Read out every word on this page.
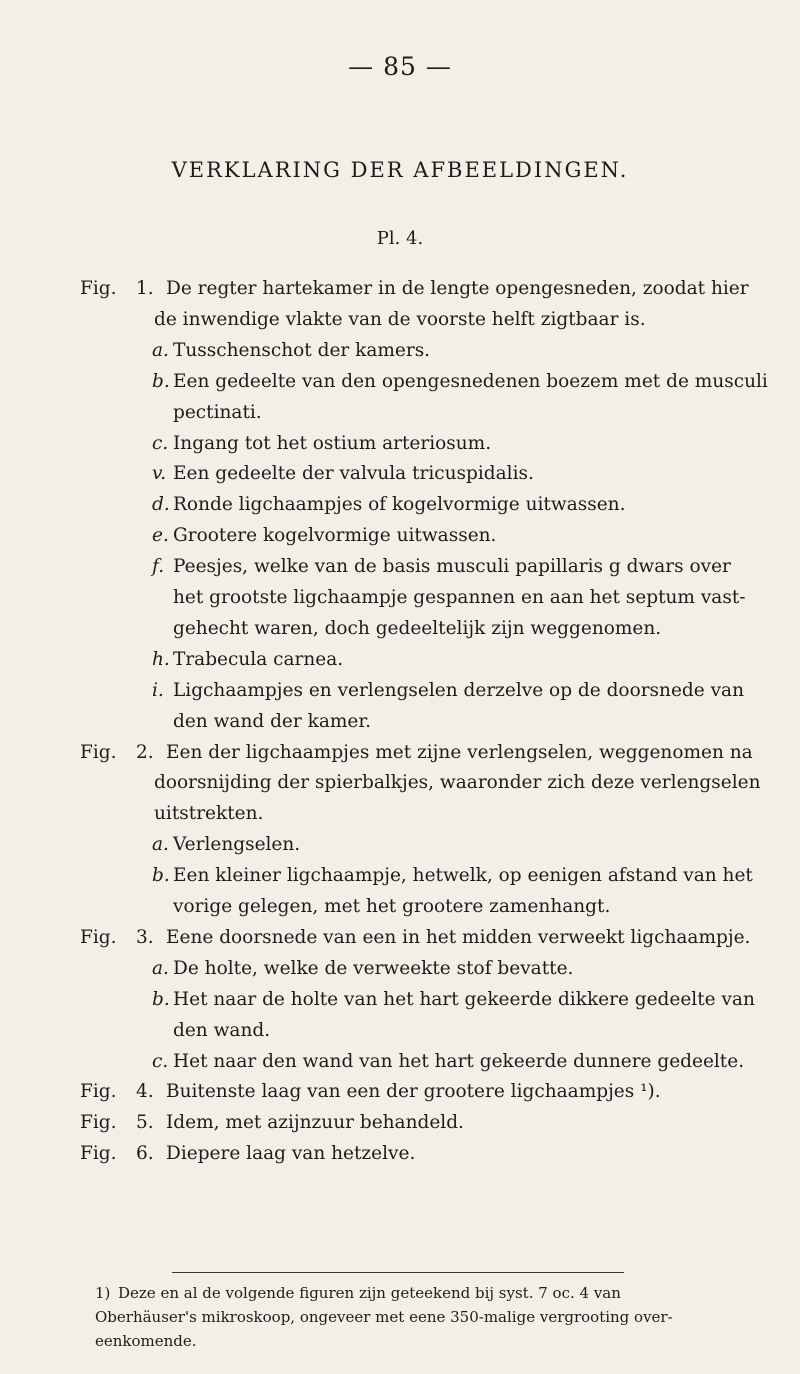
— 85 —
VERKLARING DER AFBEELDINGEN.
Pl. 4.
Fig. 1. De regter hartekamer in de lengte opengesneden, zoodat hier
de inwendige vlakte van de voorste helft zigtbaar is.
a. Tusschenschot der kamers.
b. Een gedeelte van den opengesnedenen boezem met de musculi
pectinati.
c. Ingang tot het ostium arteriosum.
v. Een gedeelte der valvula tricuspidalis.
d. Ronde ligchaampjes of kogelvormige uitwassen.
e. Grootere kogelvormige uitwassen.
f. Peesjes, welke van de basis musculi papillaris g dwars over
het grootste ligchaampje gespannen en aan het septum vast-
gehecht waren, doch gedeeltelijk zijn weggenomen.
h. Trabecula carnea.
i. Ligchaampjes en verlengselen derzelve op de doorsnede van
den wand der kamer.
Fig. 2. Een der ligchaampjes met zijne verlengselen, weggenomen na
doorsnijding der spierbalkjes, waaronder zich deze verlengselen
uitstrekten.
a. Verlengselen.
b. Een kleiner ligchaampje, hetwelk, op eenigen afstand van het
vorige gelegen, met het grootere zamenhangt.
Fig. 3. Eene doorsnede van een in het midden verweekt ligchaampje.
a. De holte, welke de verweekte stof bevatte.
b. Het naar de holte van het hart gekeerde dikkere gedeelte van
den wand.
c. Het naar den wand van het hart gekeerde dunnere gedeelte.
Fig. 4. Buitenste laag van een der grootere ligchaampjes ¹).
Fig. 5. Idem, met azijnzuur behandeld.
Fig. 6. Diepere laag van hetzelve.
Deze en al de volgende figuren zijn geteekend bij syst. 7 oc. 4 van
Oberhäuser's mikroskoop, ongeveer met eene 350-malige vergrooting over-
eenkomende.
1)
